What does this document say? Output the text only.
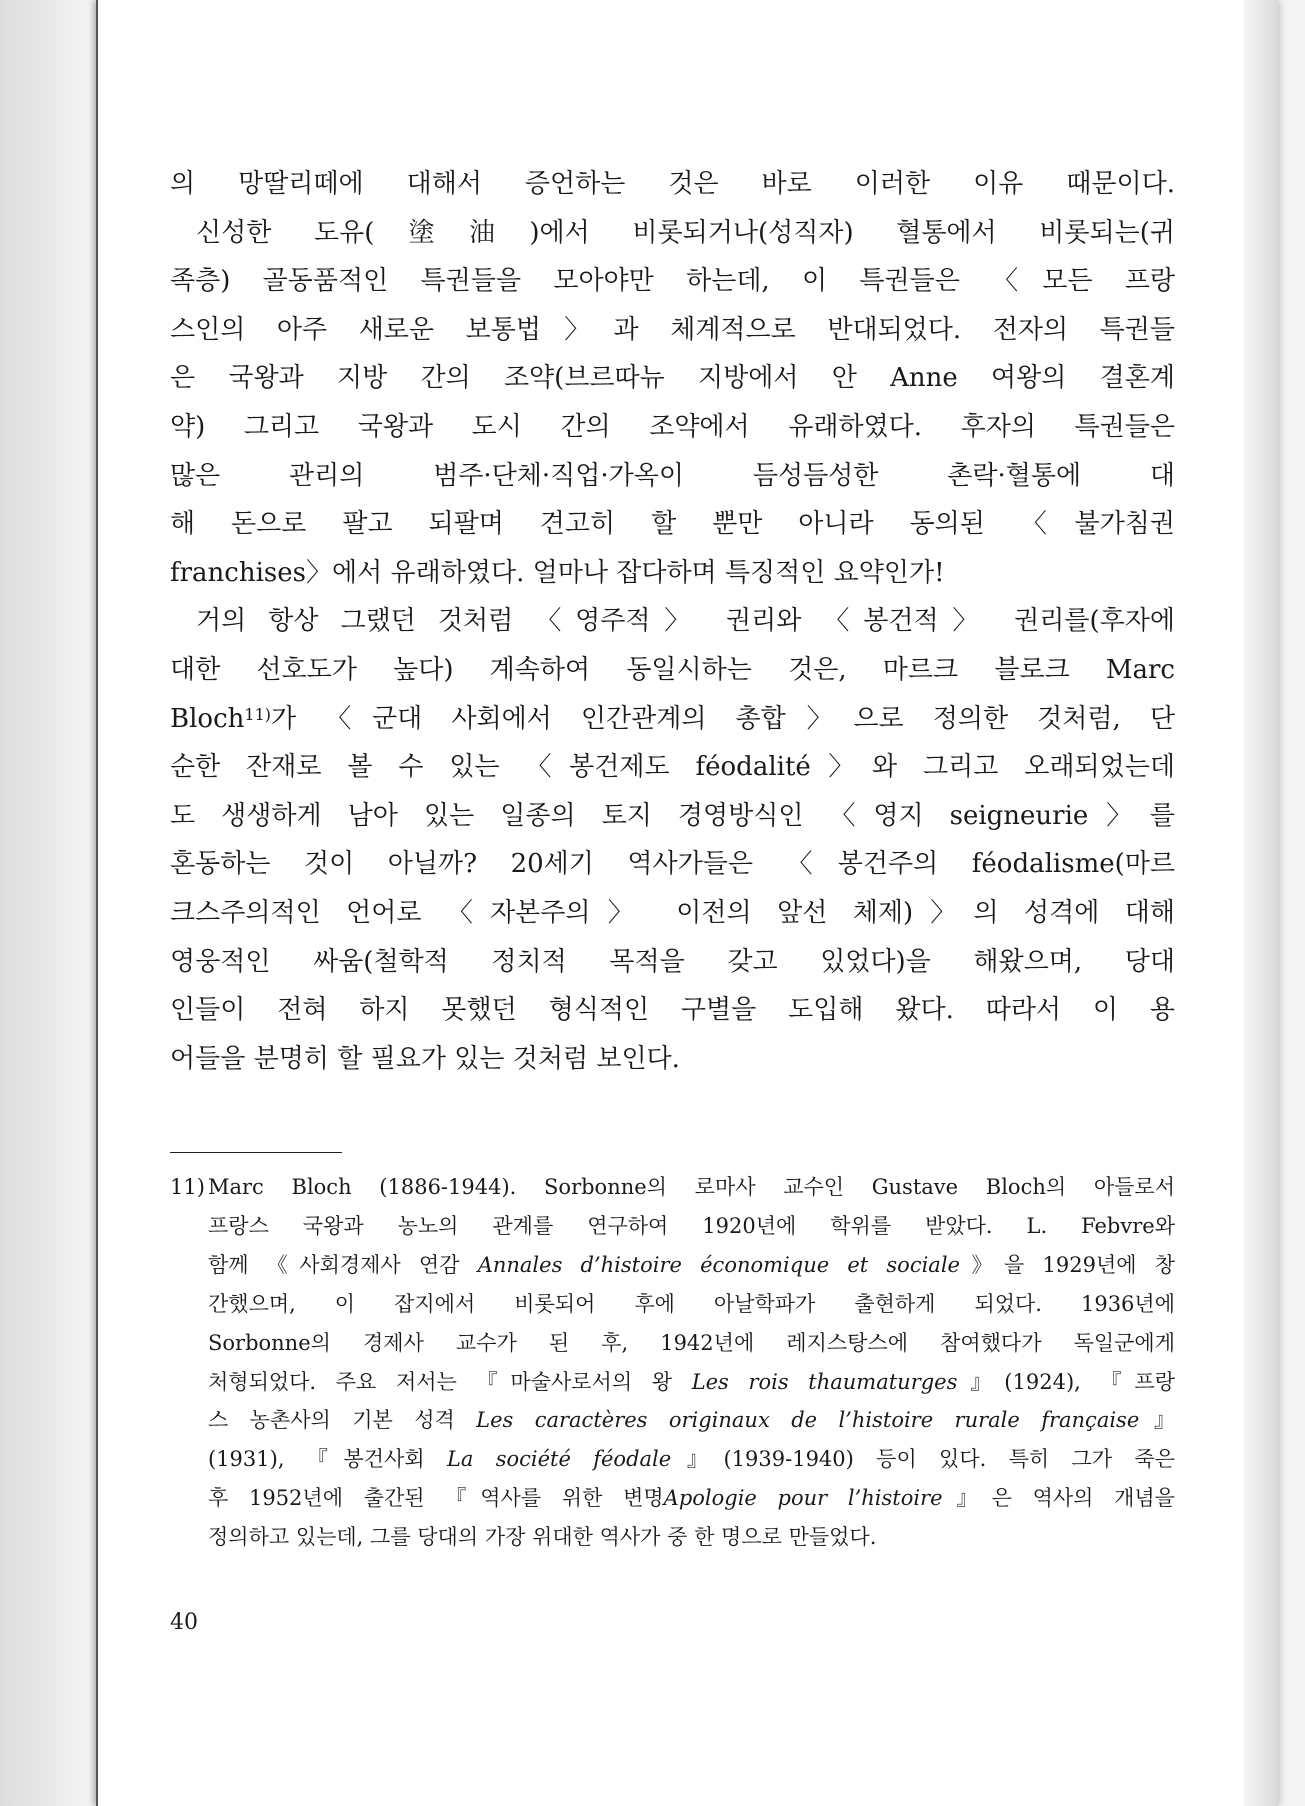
의 망딸리떼에 대해서 증언하는 것은 바로 이러한 이유 때문이다.
신성한 도유(塗油)에서 비롯되거나(성직자) 혈통에서 비롯되는(귀
족층) 골동품적인 특권들을 모아야만 하는데, 이 특권들은 〈모든 프랑
스인의 아주 새로운 보통법〉과 체계적으로 반대되었다. 전자의 특권들
은 국왕과 지방 간의 조약(브르따뉴 지방에서 안 Anne 여왕의 결혼계
약) 그리고 국왕과 도시 간의 조약에서 유래하였다. 후자의 특권들은
많은 관리의 범주·단체·직업·가옥이 듬성듬성한 촌락·혈통에 대
해 돈으로 팔고 되팔며 견고히 할 뿐만 아니라 동의된 〈불가침권
franchises〉에서 유래하였다. 얼마나 잡다하며 특징적인 요약인가!
거의 항상 그랬던 것처럼 〈영주적〉 권리와 〈봉건적〉 권리를(후자에
대한 선호도가 높다) 계속하여 동일시하는 것은, 마르크 블로크 Marc
Bloch$^{11)}$가 〈군대 사회에서 인간관계의 총합〉으로 정의한 것처럼, 단
순한 잔재로 볼 수 있는 〈봉건제도 féodalité〉와 그리고 오래되었는데
도 생생하게 남아 있는 일종의 토지 경영방식인 〈영지 seigneurie〉를
혼동하는 것이 아닐까? 20세기 역사가들은 〈봉건주의 féodalisme(마르
크스주의적인 언어로 〈자본주의〉 이전의 앞선 체제)〉의 성격에 대해
영웅적인 싸움(철학적 정치적 목적을 갖고 있었다)을 해왔으며, 당대
인들이 전혀 하지 못했던 형식적인 구별을 도입해 왔다. 따라서 이 용
어들을 분명히 할 필요가 있는 것처럼 보인다.
11) Marc Bloch (1886-1944). Sorbonne의 로마사 교수인 Gustave Bloch의 아들로서
프랑스 국왕과 농노의 관계를 연구하여 1920년에 학위를 받았다. L. Febvre와
함께 《사회경제사 연감 Annales d’histoire économique et sociale》을 1929년에 창
간했으며, 이 잡지에서 비롯되어 후에 아날학파가 출현하게 되었다. 1936년에
Sorbonne의 경제사 교수가 된 후, 1942년에 레지스탕스에 참여했다가 독일군에게
처형되었다. 주요 저서는 『마술사로서의 왕 Les rois thaumaturges』(1924), 『프랑
스 농촌사의 기본 성격 Les caractères originaux de l’histoire rurale française』
(1931), 『봉건사회 La société féodale』(1939-1940) 등이 있다. 특히 그가 죽은
후 1952년에 출간된 『역사를 위한 변명Apologie pour l’histoire』은 역사의 개념을
정의하고 있는데, 그를 당대의 가장 위대한 역사가 중 한 명으로 만들었다.
40
